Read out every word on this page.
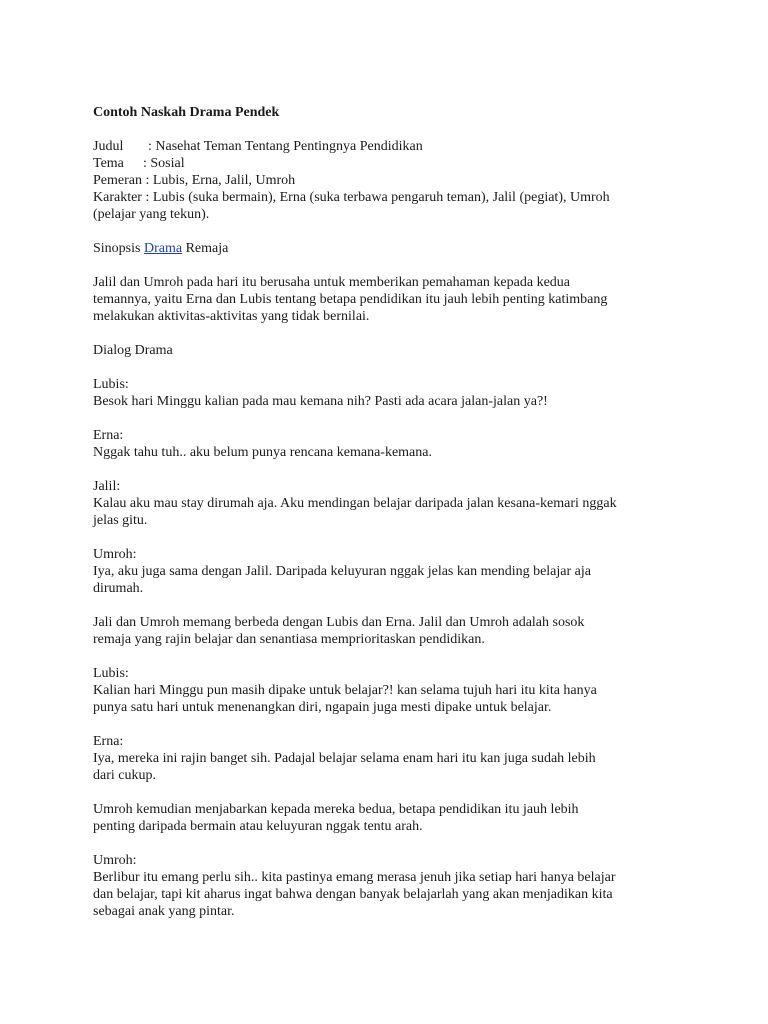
Contoh Naskah Drama Pendek
Judul : Nasehat Teman Tentang Pentingnya Pendidikan
Tema : Sosial
Pemeran : Lubis, Erna, Jalil, Umroh
Karakter : Lubis (suka bermain), Erna (suka terbawa pengaruh teman), Jalil (pegiat), Umroh
(pelajar yang tekun).
Sinopsis Drama Remaja
Jalil dan Umroh pada hari itu berusaha untuk memberikan pemahaman kepada kedua
temannya, yaitu Erna dan Lubis tentang betapa pendidikan itu jauh lebih penting katimbang
melakukan aktivitas-aktivitas yang tidak bernilai.
Dialog Drama
Lubis:
Besok hari Minggu kalian pada mau kemana nih? Pasti ada acara jalan-jalan ya?!
Erna:
Nggak tahu tuh.. aku belum punya rencana kemana-kemana.
Jalil:
Kalau aku mau stay dirumah aja. Aku mendingan belajar daripada jalan kesana-kemari nggak
jelas gitu.
Umroh:
Iya, aku juga sama dengan Jalil. Daripada keluyuran nggak jelas kan mending belajar aja
dirumah.
Jali dan Umroh memang berbeda dengan Lubis dan Erna. Jalil dan Umroh adalah sosok
remaja yang rajin belajar dan senantiasa memprioritaskan pendidikan.
Lubis:
Kalian hari Minggu pun masih dipake untuk belajar?! kan selama tujuh hari itu kita hanya
punya satu hari untuk menenangkan diri, ngapain juga mesti dipake untuk belajar.
Erna:
Iya, mereka ini rajin banget sih. Padajal belajar selama enam hari itu kan juga sudah lebih
dari cukup.
Umroh kemudian menjabarkan kepada mereka bedua, betapa pendidikan itu jauh lebih
penting daripada bermain atau keluyuran nggak tentu arah.
Umroh:
Berlibur itu emang perlu sih.. kita pastinya emang merasa jenuh jika setiap hari hanya belajar
dan belajar, tapi kit aharus ingat bahwa dengan banyak belajarlah yang akan menjadikan kita
sebagai anak yang pintar.
